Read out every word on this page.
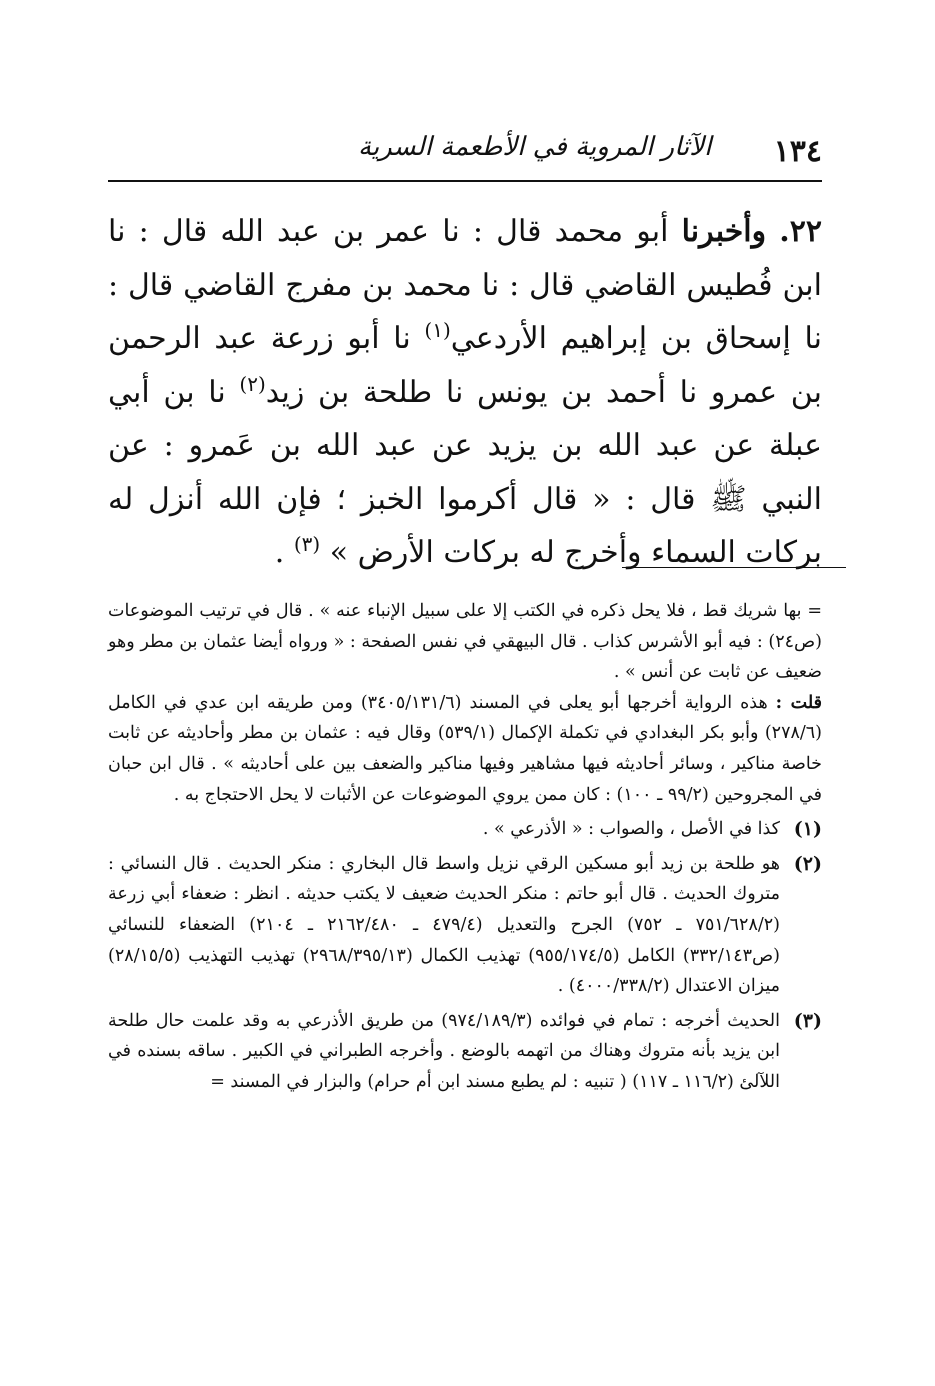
الآثار المروية في الأطعمة السرية ١٣٤

٢٢. وأخبرنا أبو محمد قال : نا عمر بن عبد الله قال : نا ابن فُطيس القاضي قال : نا محمد بن مفرج القاضي قال : نا إسحاق بن إبراهيم الأردعي$^{(١)}$ نا أبو زرعة عبد الرحمن بن عمرو نا أحمد بن يونس نا طلحة بن زيد$^{(٢)}$ نا بن أبي عبلة عن عبد الله بن يزيد عن عبد الله بن عَمرو : عن النبي ﷺ قال : « قال أكرموا الخبز ؛ فإن الله أنزل له بركات السماء وأخرج له بركات الأرض » $^{(٣)}$ .

= بها شريك قط ، فلا يحل ذكره في الكتب إلا على سبيل الإنباء عنه » . قال في ترتيب الموضوعات (ص٢٤) : فيه أبو الأشرس كذاب . قال البيهقي في نفس الصفحة : « ورواه أيضا عثمان بن مطر وهو ضعيف عن ثابت عن أنس » .

قلت : هذه الرواية أخرجها أبو يعلى في المسند (٣٤٠٥/١٣١/٦) ومن طريقه ابن عدي في الكامل (٢٧٨/٦) وأبو بكر البغدادي في تكملة الإكمال (٥٣٩/١) وقال فيه : عثمان بن مطر وأحاديثه عن ثابت خاصة مناكير ، وسائر أحاديثه فيها مشاهير وفيها مناكير والضعف بين على أحاديثه » . قال ابن حبان في المجروحين (٩٩/٢ ـ ١٠٠) : كان ممن يروي الموضوعات عن الأثبات لا يحل الاحتجاج به .

(١)
كذا في الأصل ، والصواب : « الأذرعي » .
(٢)
هو طلحة بن زيد أبو مسكين الرقي نزيل واسط قال البخاري : منكر الحديث . قال النسائي : متروك الحديث . قال أبو حاتم : منكر الحديث ضعيف لا يكتب حديثه . انظر : ضعفاء أبي زرعة (٧٥١/٦٢٨/٢ ـ ٧٥٢) الجرح والتعديل (٤٧٩/٤ ـ ٢١٦٢/٤٨٠ ـ ٢١٠٤) الضعفاء للنسائي (ص٣٣٢/١٤٣) الكامل (٩٥٥/١٧٤/٥) تهذيب الكمال (٢٩٦٨/٣٩٥/١٣) تهذيب التهذيب (٢٨/١٥/٥) ميزان الاعتدال (٤٠٠٠/٣٣٨/٢) .
(٣)
الحديث أخرجه : تمام في فوائده (٩٧٤/١٨٩/٣) من طريق الأذرعي به وقد علمت حال طلحة ابن يزيد بأنه متروك وهناك من اتهمه بالوضع . وأخرجه الطبراني في الكبير . ساقه بسنده في اللآلئ (١١٦/٢ ـ ١١٧) ( تنبيه : لم يطبع مسند ابن أم حرام) والبزار في المسند =
